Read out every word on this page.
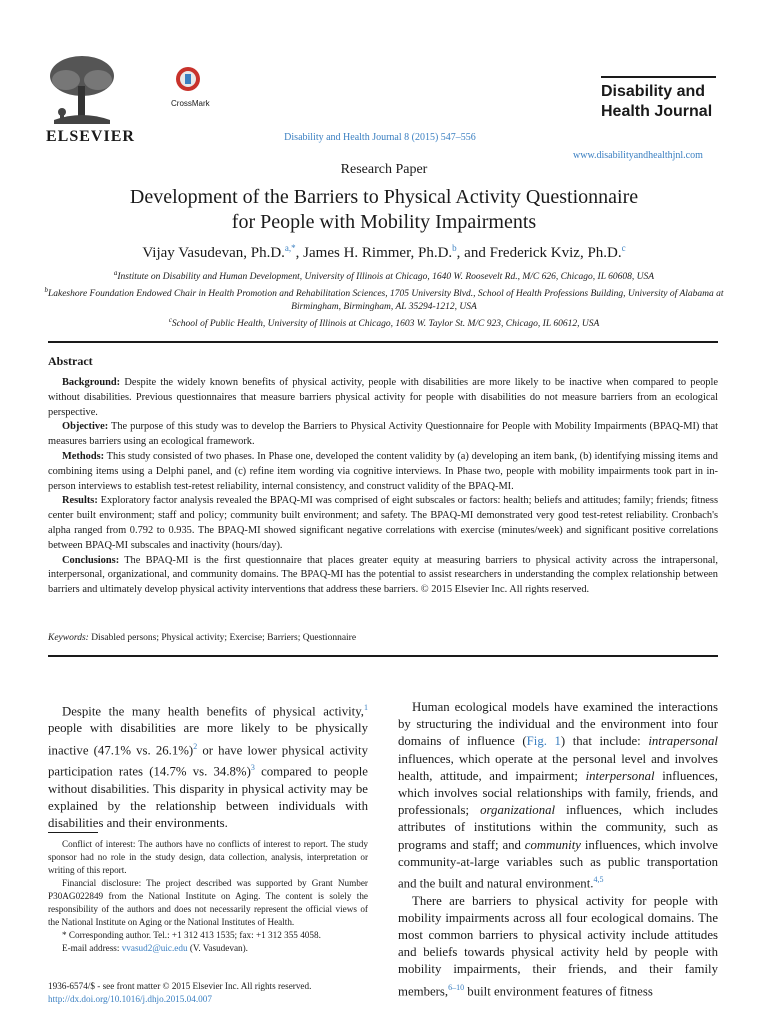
ELSEVIER
CrossMark
Disability and Health Journal 8 (2015) 547–556
Disability and
Health Journal
www.disabilityandhealthjnl.com
Research Paper
Development of the Barriers to Physical Activity Questionnaire
for People with Mobility Impairments
Vijay Vasudevan, Ph.D.$^{a,*}$, James H. Rimmer, Ph.D.$^b$, and Frederick Kviz, Ph.D.$^c$
$^a$Institute on Disability and Human Development, University of Illinois at Chicago, 1640 W. Roosevelt Rd., M/C 626, Chicago, IL 60608, USA
$^b$Lakeshore Foundation Endowed Chair in Health Promotion and Rehabilitation Sciences, 1705 University Blvd., School of Health Professions Building, University of Alabama at Birmingham, Birmingham, AL 35294-1212, USA
$^c$School of Public Health, University of Illinois at Chicago, 1603 W. Taylor St. M/C 923, Chicago, IL 60612, USA
Abstract

Background: Despite the widely known benefits of physical activity, people with disabilities are more likely to be inactive when compared to people without disabilities. Previous questionnaires that measure barriers physical activity for people with disabilities do not measure barriers from an ecological perspective.

Objective: The purpose of this study was to develop the Barriers to Physical Activity Questionnaire for People with Mobility Impairments (BPAQ-MI) that measures barriers using an ecological framework.

Methods: This study consisted of two phases. In Phase one, developed the content validity by (a) developing an item bank, (b) identifying missing items and combining items using a Delphi panel, and (c) refine item wording via cognitive interviews. In Phase two, people with mobility impairments took part in in-person interviews to establish test-retest reliability, internal consistency, and construct validity of the BPAQ-MI.

Results: Exploratory factor analysis revealed the BPAQ-MI was comprised of eight subscales or factors: health; beliefs and attitudes; family; friends; fitness center built environment; staff and policy; community built environment; and safety. The BPAQ-MI demonstrated very good test-retest reliability. Cronbach's alpha ranged from 0.792 to 0.935. The BPAQ-MI showed significant negative correlations with exercise (minutes/week) and significant positive correlations between BPAQ-MI subscales and inactivity (hours/day).

Conclusions: The BPAQ-MI is the first questionnaire that places greater equity at measuring barriers to physical activity across the intrapersonal, interpersonal, organizational, and community domains. The BPAQ-MI has the potential to assist researchers in understanding the complex relationship between barriers and ultimately develop physical activity interventions that address these barriers. © 2015 Elsevier Inc. All rights reserved.

Keywords: Disabled persons; Physical activity; Exercise; Barriers; Questionnaire

Despite the many health benefits of physical activity,$^1$ people with disabilities are more likely to be physically inactive (47.1% vs. 26.1%)$^2$ or have lower physical activity participation rates (14.7% vs. 34.8%)$^3$ compared to people without disabilities. This disparity in physical activity may be explained by the relationship between individuals with disabilities and their environments.

Conflict of interest: The authors have no conflicts of interest to report. The study sponsor had no role in the study design, data collection, analysis, interpretation or writing of this report.

Financial disclosure: The project described was supported by Grant Number P30AG022849 from the National Institute on Aging. The content is solely the responsibility of the authors and does not necessarily represent the official views of the National Institute on Aging or the National Institutes of Health.

* Corresponding author. Tel.: +1 312 413 1535; fax: +1 312 355 4058.

E-mail address: vvasud2@uic.edu (V. Vasudevan).

1936-6574/$ - see front matter © 2015 Elsevier Inc. All rights reserved.
http://dx.doi.org/10.1016/j.dhjo.2015.04.007

Human ecological models have examined the interactions by structuring the individual and the environment into four domains of influence (Fig. 1) that include: intrapersonal influences, which operate at the personal level and involves health, attitude, and impairment; interpersonal influences, which involves social relationships with family, friends, and professionals; organizational influences, which includes attributes of institutions within the community, such as programs and staff; and community influences, which involve community-at-large variables such as public transportation and the built and natural environment.$^{4,5}$

There are barriers to physical activity for people with mobility impairments across all four ecological domains. The most common barriers to physical activity include attitudes and beliefs towards physical activity held by people with mobility impairments, their friends, and their family members,$^{6-10}$ built environment features of fitness
